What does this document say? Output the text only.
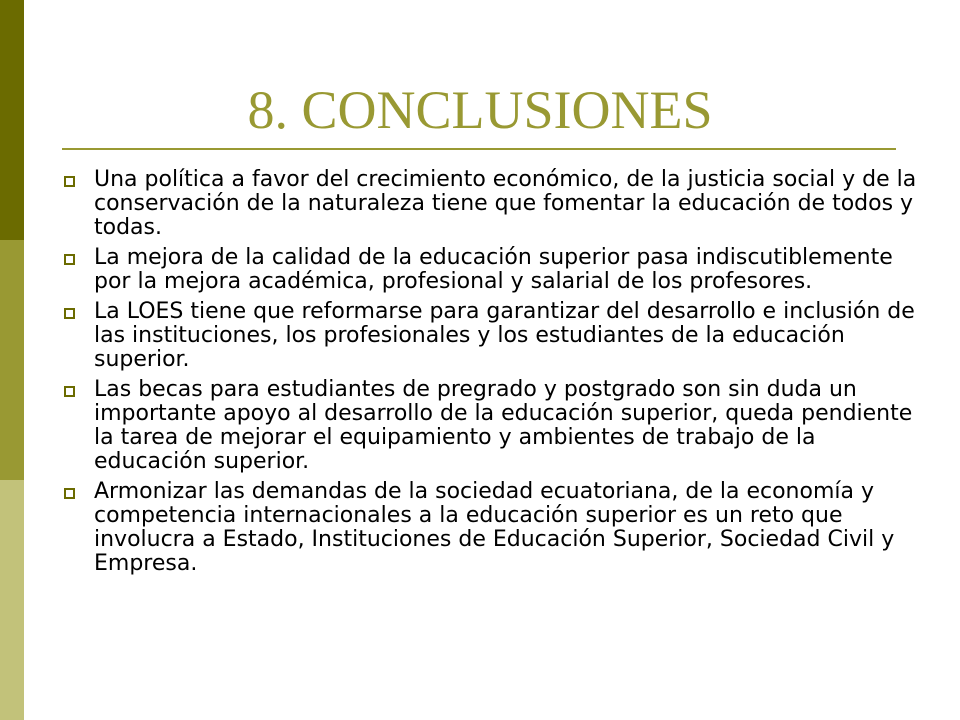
8. CONCLUSIONES
Una política a favor del crecimiento económico, de la justicia social y de la conservación de la naturaleza tiene que fomentar la educación de todos y todas.
La mejora de la calidad de la educación superior pasa indiscutiblemente por la mejora académica, profesional y salarial de los profesores.
La LOES tiene que reformarse para garantizar del desarrollo e inclusión de las instituciones, los profesionales y los estudiantes de la educación superior.
Las becas para estudiantes de pregrado y postgrado son sin duda un importante apoyo al desarrollo de la educación superior, queda pendiente la tarea de mejorar el equipamiento y ambientes de trabajo de la educación superior.
Armonizar las demandas de la sociedad ecuatoriana, de la economía y competencia internacionales a la educación superior es un reto que involucra a Estado, Instituciones de Educación Superior, Sociedad Civil y Empresa.
